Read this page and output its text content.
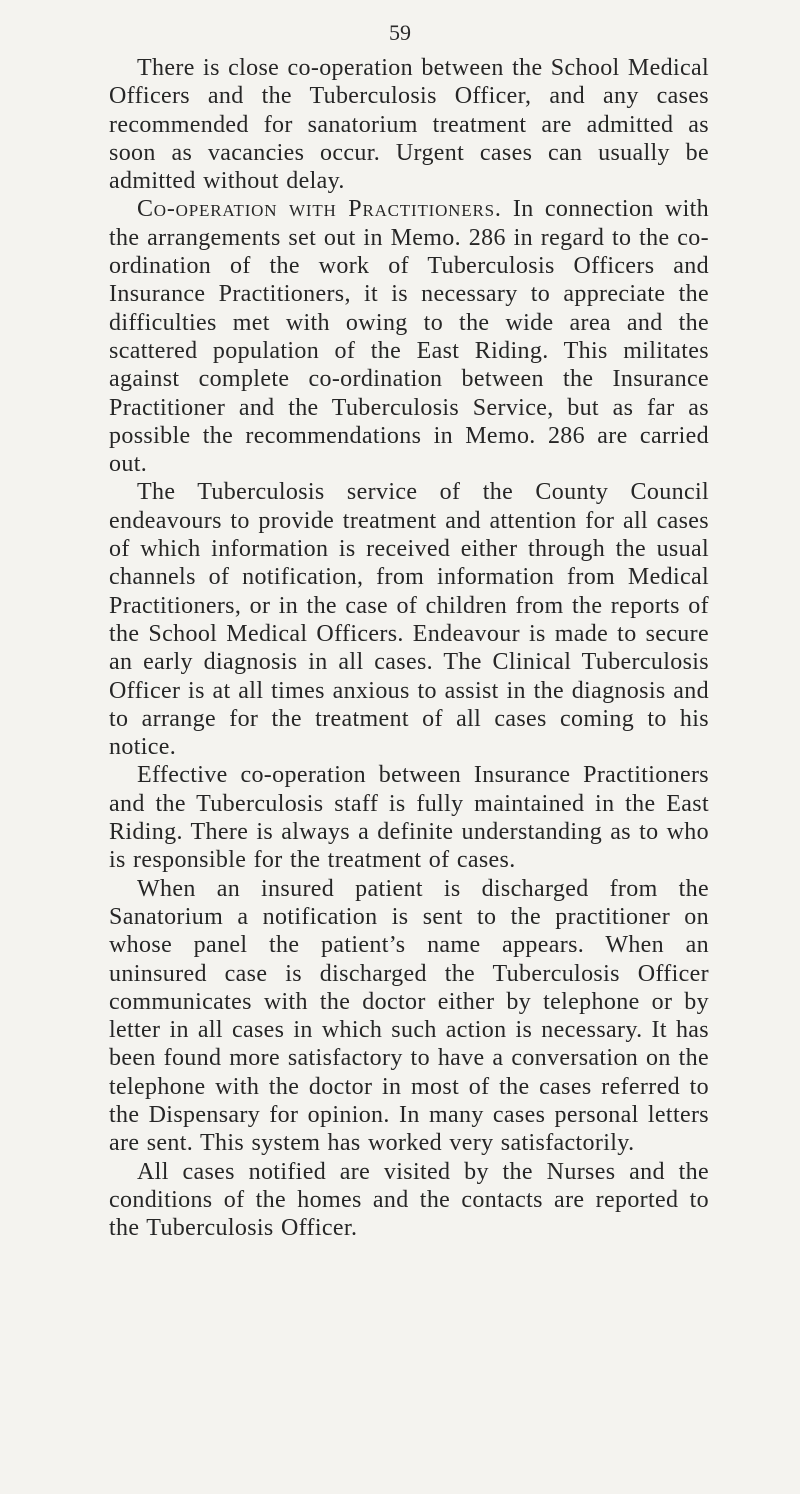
59

There is close co-operation between the School Medical Officers and the Tuberculosis Officer, and any cases recommended for sanatorium treatment are admitted as soon as vacancies occur. Urgent cases can usually be admitted without delay.

Co-operation with Practitioners. In connection with the arrangements set out in Memo. 286 in regard to the co-ordination of the work of Tuberculosis Officers and Insurance Practitioners, it is necessary to appreciate the difficulties met with owing to the wide area and the scattered population of the East Riding. This militates against complete co-ordination between the Insurance Practitioner and the Tuberculosis Service, but as far as possible the recommendations in Memo. 286 are carried out.

The Tuberculosis service of the County Council endeavours to provide treatment and attention for all cases of which information is received either through the usual channels of notification, from information from Medical Practitioners, or in the case of children from the reports of the School Medical Officers. Endeavour is made to secure an early diagnosis in all cases. The Clinical Tuberculosis Officer is at all times anxious to assist in the diagnosis and to arrange for the treatment of all cases coming to his notice.

Effective co-operation between Insurance Practitioners and the Tuberculosis staff is fully maintained in the East Riding. There is always a definite understanding as to who is responsible for the treatment of cases.

When an insured patient is discharged from the Sanatorium a notification is sent to the practitioner on whose panel the patient’s name appears. When an uninsured case is discharged the Tuberculosis Officer communicates with the doctor either by telephone or by letter in all cases in which such action is necessary. It has been found more satisfactory to have a conversation on the telephone with the doctor in most of the cases referred to the Dispensary for opinion. In many cases personal letters are sent. This system has worked very satisfactorily.

All cases notified are visited by the Nurses and the conditions of the homes and the contacts are reported to the Tuberculosis Officer.
